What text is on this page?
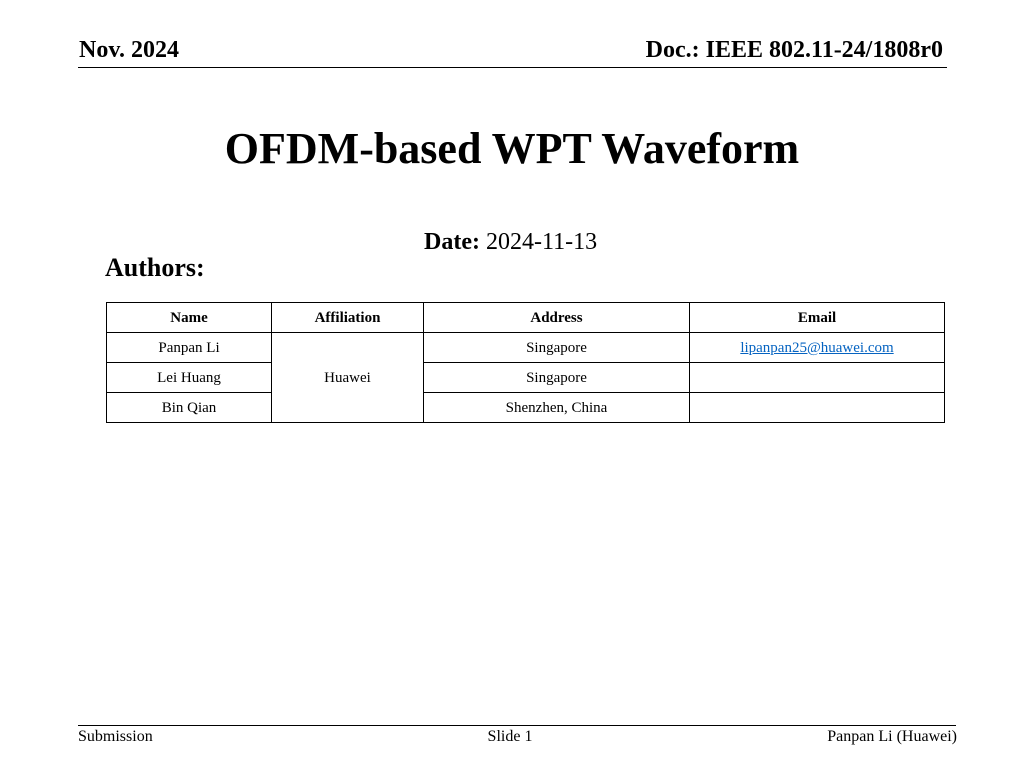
Nov. 2024	Doc.: IEEE 802.11-24/1808r0
OFDM-based WPT Waveform
Date: 2024-11-13
Authors:
Name	Affiliation	Address	Email
Panpan Li	Huawei	Singapore	lipanpan25@huawei.com
Lei Huang		Singapore	
Bin Qian		Shenzhen, China	
Submission	Slide 1	Panpan Li (Huawei)
